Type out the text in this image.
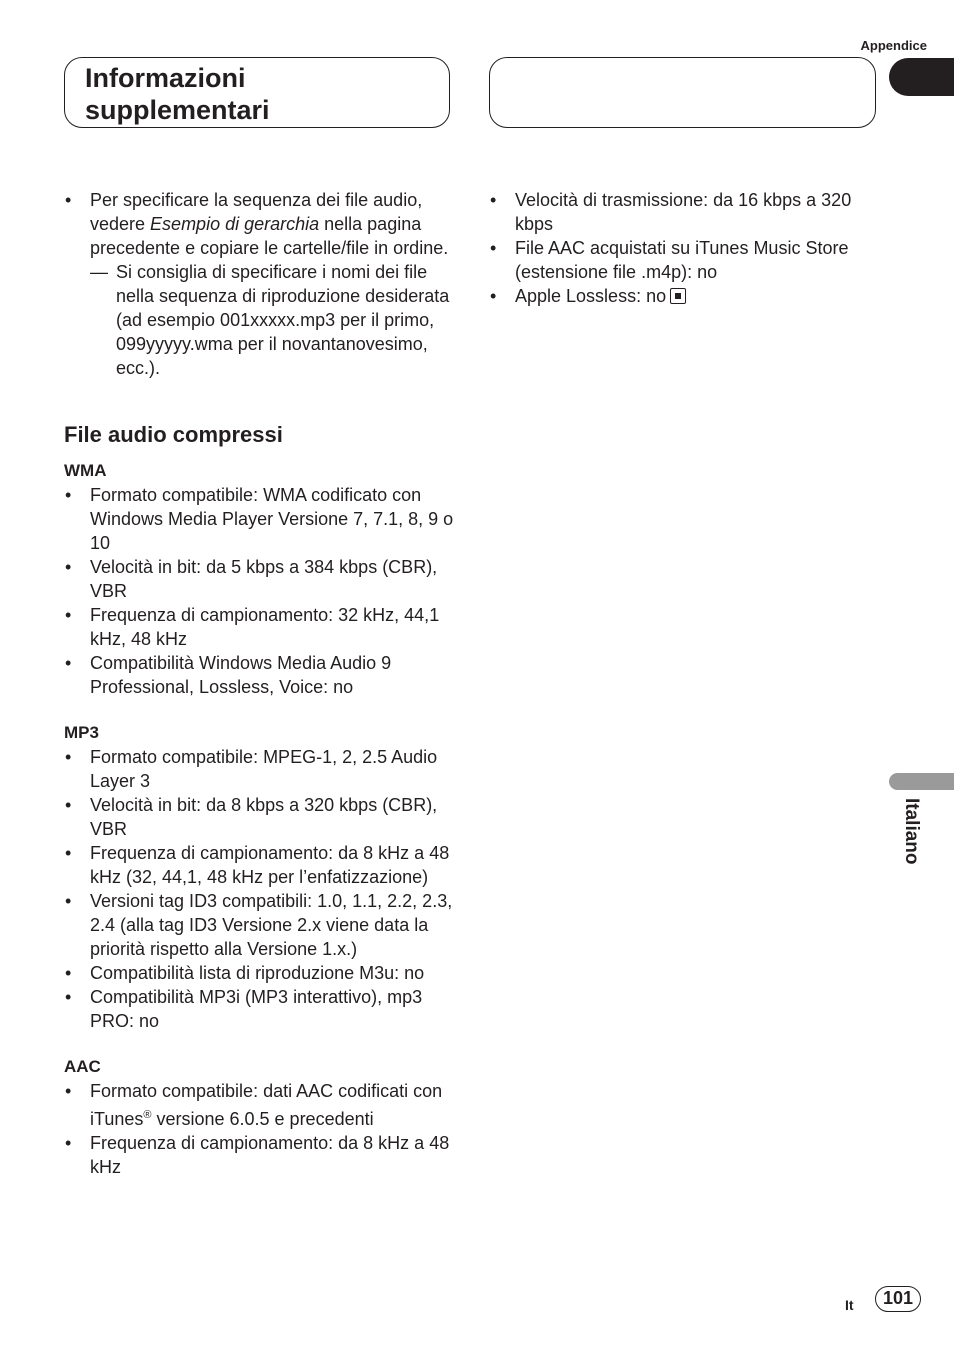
Appendice
Informazioni
supplementari
• Per specificare la sequenza dei file audio, vedere Esempio di gerarchia nella pagina precedente e copiare le cartelle/file in ordine.
— Si consiglia di specificare i nomi dei file nella sequenza di riproduzione desiderata (ad esempio 001xxxxx.mp3 per il primo, 099yyyyy.wma per il novantanovesimo, ecc.).
File audio compressi
WMA
• Formato compatibile: WMA codificato con Windows Media Player Versione 7, 7.1, 8, 9 o 10
• Velocità in bit: da 5 kbps a 384 kbps (CBR), VBR
• Frequenza di campionamento: 32 kHz, 44,1 kHz, 48 kHz
• Compatibilità Windows Media Audio 9 Professional, Lossless, Voice: no
MP3
• Formato compatibile: MPEG-1, 2, 2.5 Audio Layer 3
• Velocità in bit: da 8 kbps a 320 kbps (CBR), VBR
• Frequenza di campionamento: da 8 kHz a 48 kHz (32, 44,1, 48 kHz per l’enfatizzazione)
• Versioni tag ID3 compatibili: 1.0, 1.1, 2.2, 2.3, 2.4 (alla tag ID3 Versione 2.x viene data la priorità rispetto alla Versione 1.x.)
• Compatibilità lista di riproduzione M3u: no
• Compatibilità MP3i (MP3 interattivo), mp3 PRO: no
AAC
• Formato compatibile: dati AAC codificati con iTunes® versione 6.0.5 e precedenti
• Frequenza di campionamento: da 8 kHz a 48 kHz
• Velocità di trasmissione: da 16 kbps a 320 kbps
• File AAC acquistati su iTunes Music Store (estensione file .m4p): no
• Apple Lossless: no
Italiano
It	101
